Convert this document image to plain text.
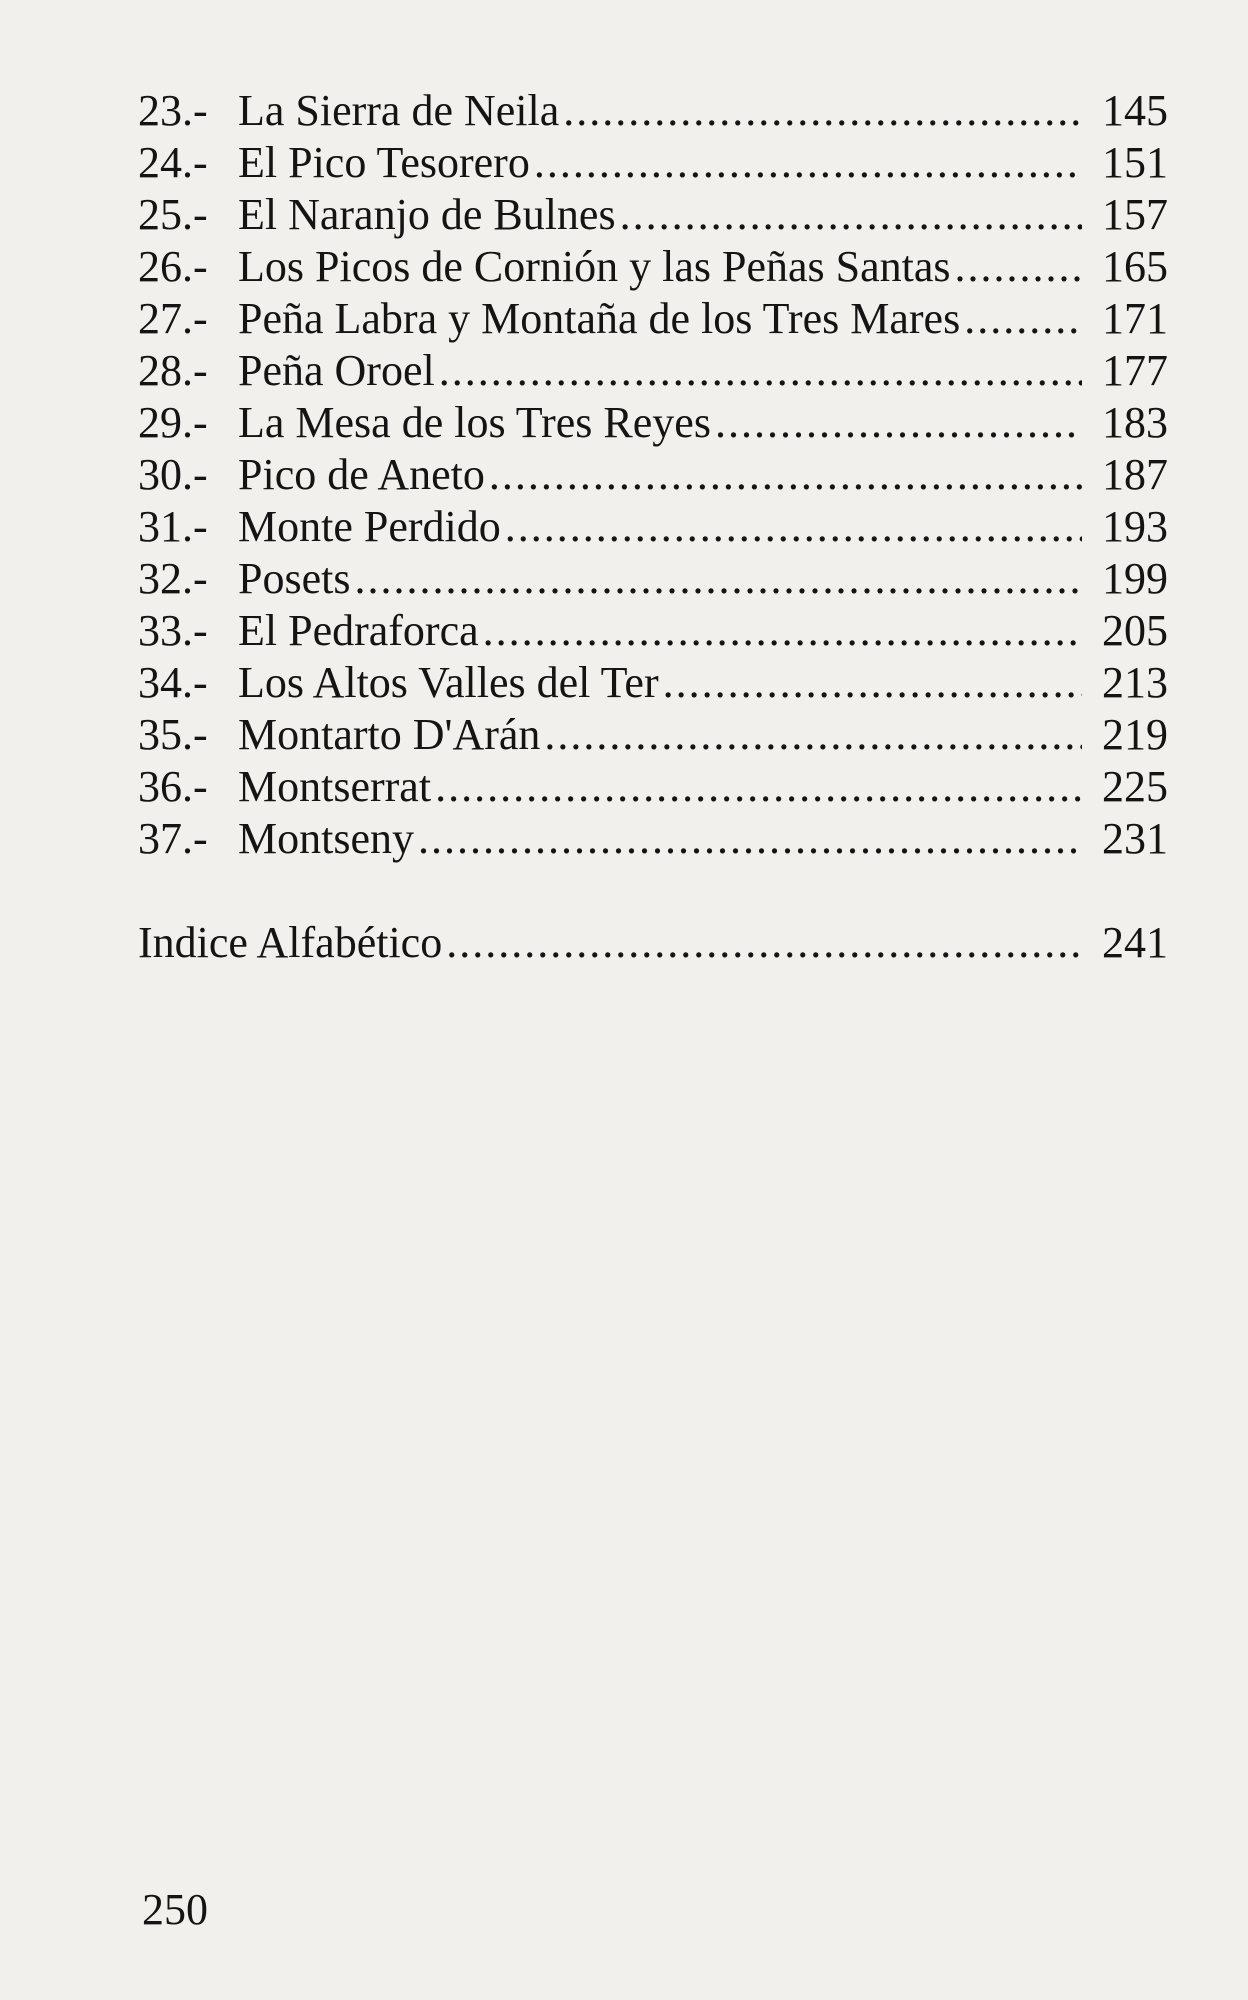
23.- La Sierra de Neila .....	145
24.- El Pico Tesorero .....	151
25.- El Naranjo de Bulnes .....	157
26.- Los Picos de Cornión y las Peñas Santas .....	165
27.- Peña Labra y Montaña de los Tres Mares .....	171
28.- Peña Oroel .....	177
29.- La Mesa de los Tres Reyes .....	183
30.- Pico de Aneto .....	187
31.- Monte Perdido .....	193
32.- Posets .....	199
33.- El Pedraforca .....	205
34.- Los Altos Valles del Ter .....	213
35.- Montarto D'Arán .....	219
36.- Montserrat .....	225
37.- Montseny .....	231
Indice Alfabético .....	241
250
